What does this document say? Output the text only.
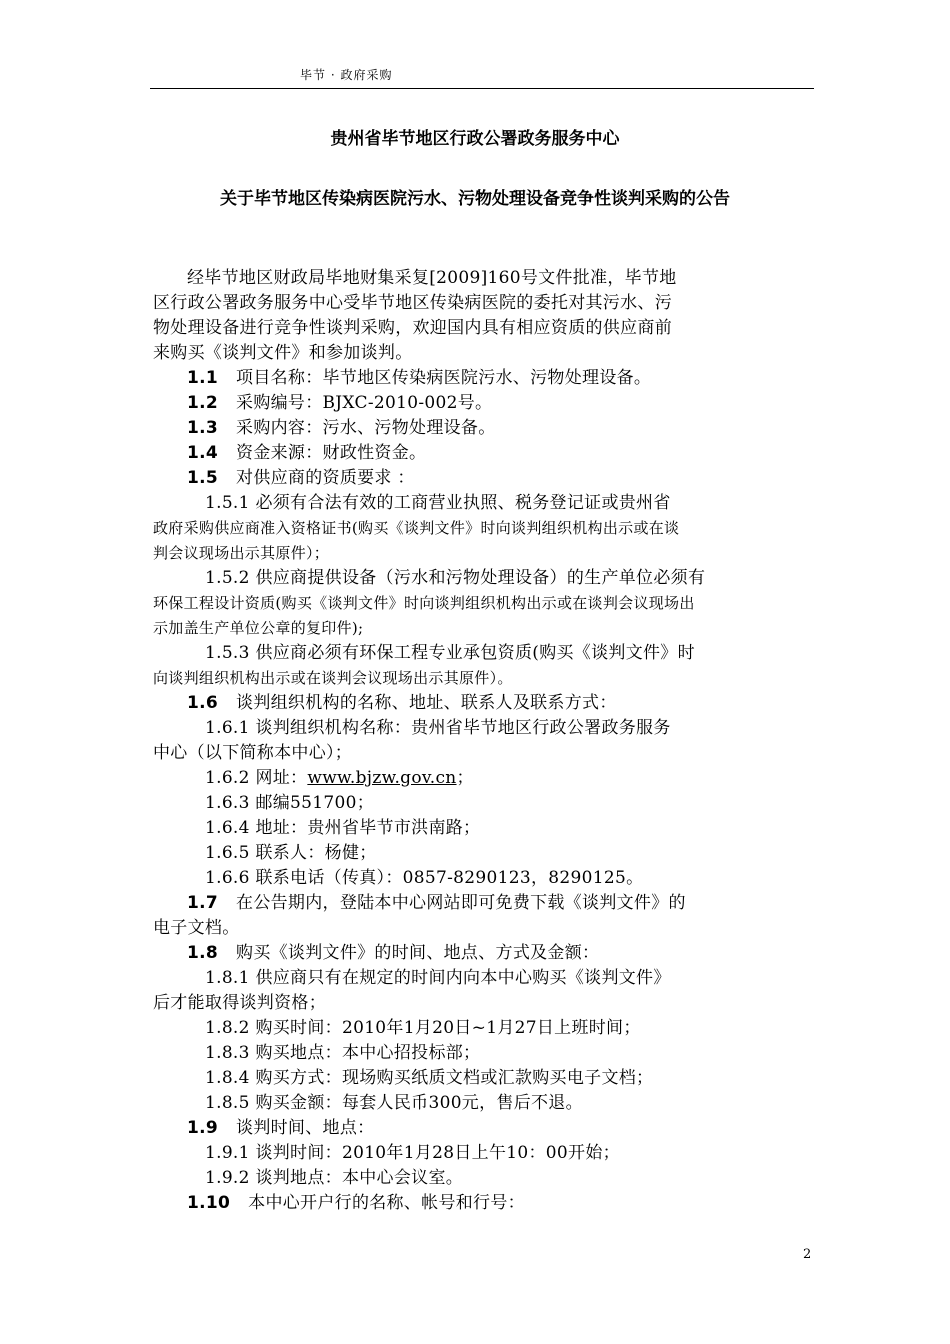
毕节 · 政府采购
贵州省毕节地区行政公署政务服务中心
关于毕节地区传染病医院污水、污物处理设备竞争性谈判采购的公告
经毕节地区财政局毕地财集采复[2009]160号文件批准，毕节地
区行政公署政务服务中心受毕节地区传染病医院的委托对其污水、污
物处理设备进行竞争性谈判采购，欢迎国内具有相应资质的供应商前
来购买《谈判文件》和参加谈判。
1.1 项目名称：毕节地区传染病医院污水、污物处理设备。
1.2 采购编号：BJXC-2010-002号。
1.3 采购内容：污水、污物处理设备。
1.4 资金来源：财政性资金。
1.5 对供应商的资质要求 ：
1.5.1 必须有合法有效的工商营业执照、税务登记证或贵州省
政府采购供应商准入资格证书(购买《谈判文件》时向谈判组织机构出示或在谈
判会议现场出示其原件）；
1.5.2 供应商提供设备（污水和污物处理设备）的生产单位必须有
环保工程设计资质(购买《谈判文件》时向谈判组织机构出示或在谈判会议现场出
示加盖生产单位公章的复印件);
1.5.3 供应商必须有环保工程专业承包资质(购买《谈判文件》时
向谈判组织机构出示或在谈判会议现场出示其原件）。
1.6 谈判组织机构的名称、地址、联系人及联系方式：
1.6.1 谈判组织机构名称：贵州省毕节地区行政公署政务服务
中心（以下简称本中心）；
1.6.2 网址：www.bjzw.gov.cn；
1.6.3 邮编551700；
1.6.4 地址：贵州省毕节市洪南路；
1.6.5 联系人：杨健；
1.6.6 联系电话（传真）：0857-8290123，8290125。
1.7 在公告期内，登陆本中心网站即可免费下载《谈判文件》的
电子文档。
1.8 购买《谈判文件》的时间、地点、方式及金额：
1.8.1 供应商只有在规定的时间内向本中心购买《谈判文件》
后才能取得谈判资格；
1.8.2 购买时间：2010年1月20日~1月27日上班时间；
1.8.3 购买地点：本中心招投标部；
1.8.4 购买方式：现场购买纸质文档或汇款购买电子文档；
1.8.5 购买金额：每套人民币300元，售后不退。
1.9 谈判时间、地点：
1.9.1 谈判时间：2010年1月28日上午10：00开始；
1.9.2 谈判地点：本中心会议室。
1.10 本中心开户行的名称、帐号和行号：
2
